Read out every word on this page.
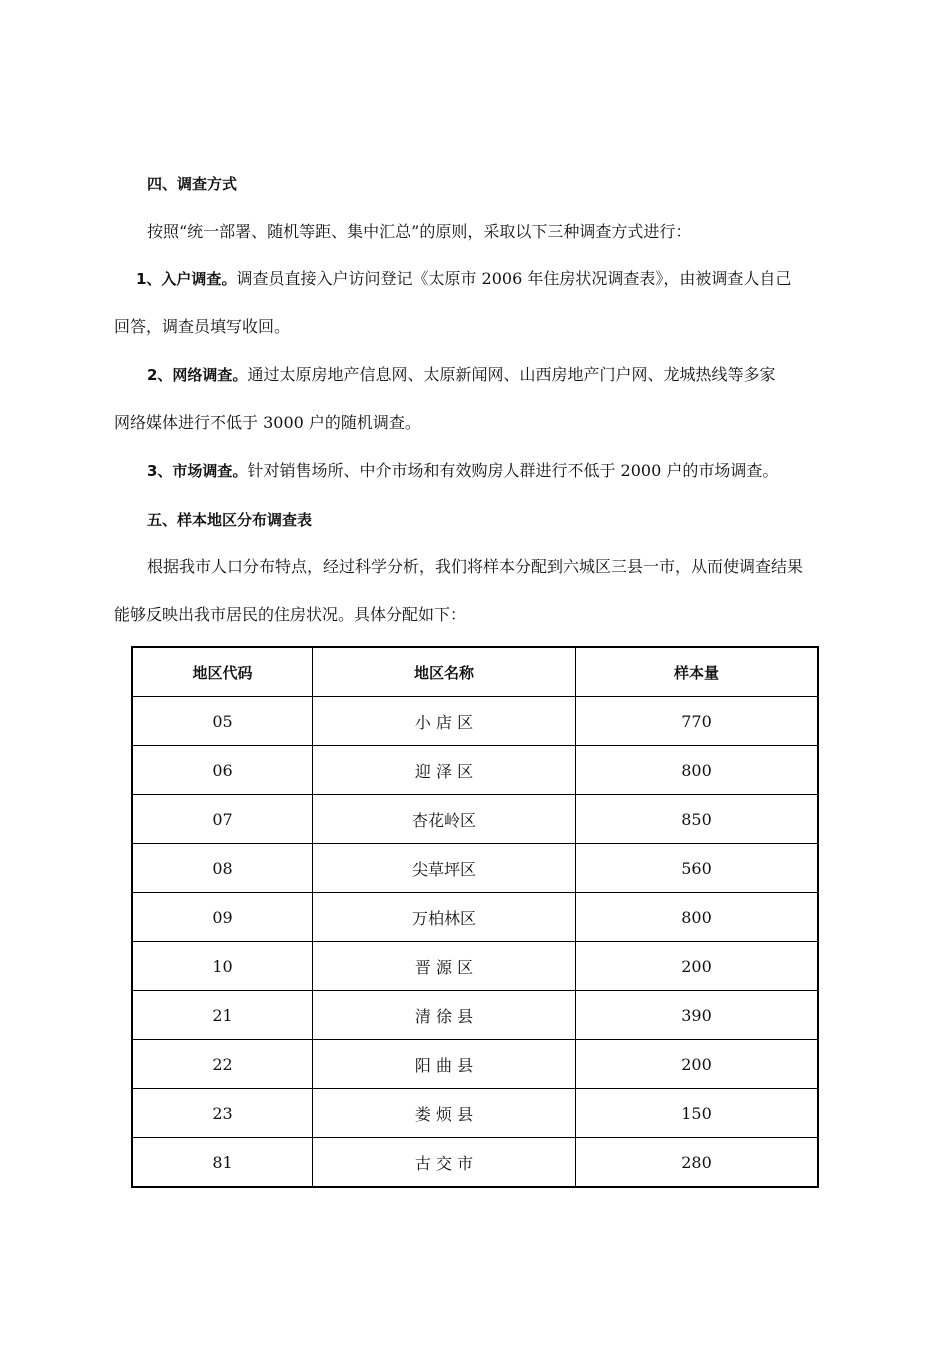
四、调查方式
按照“统一部署、随机等距、集中汇总”的原则，采取以下三种调查方式进行：
1、入户调查。调查员直接入户访问登记《太原市 2006 年住房状况调查表》，由被调查人自己
回答，调查员填写收回。
2、网络调查。通过太原房地产信息网、太原新闻网、山西房地产门户网、龙城热线等多家
网络媒体进行不低于 3000 户的随机调查。
3、市场调查。针对销售场所、中介市场和有效购房人群进行不低于 2000 户的市场调查。
五、样本地区分布调查表
根据我市人口分布特点，经过科学分析，我们将样本分配到六城区三县一市，从而使调查结果
能够反映出我市居民的住房状况。具体分配如下：
地区代码	地区名称	样本量
05	小 店 区	770
06	迎 泽 区	800
07	杏花岭区	850
08	尖草坪区	560
09	万柏林区	800
10	晋 源 区	200
21	清 徐 县	390
22	阳 曲 县	200
23	娄 烦 县	150
81	古 交 市	280
